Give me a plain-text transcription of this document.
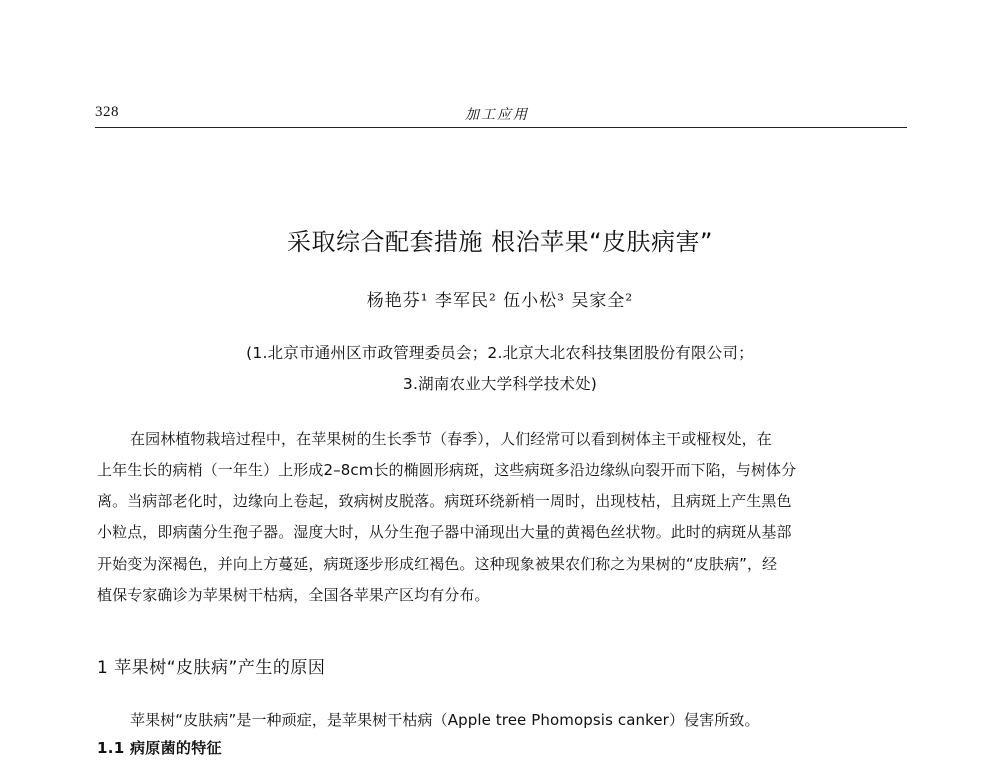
328	加工应用
采取综合配套措施 根治苹果“皮肤病害”
杨艳芬¹ 李军民² 伍小松³ 吴家全²
(1.北京市通州区市政管理委员会；2.北京大北农科技集团股份有限公司；
3.湖南农业大学科学技术处)
在园林植物栽培过程中，在苹果树的生长季节（春季），人们经常可以看到树体主干或桠杈处，在
上年生长的病梢（一年生）上形成2–8cm长的椭圆形病斑，这些病斑多沿边缘纵向裂开而下陷，与树体分
离。当病部老化时，边缘向上卷起，致病树皮脱落。病斑环绕新梢一周时，出现枝枯，且病斑上产生黑色
小粒点，即病菌分生孢子器。湿度大时，从分生孢子器中涌现出大量的黄褐色丝状物。此时的病斑从基部
开始变为深褐色，并向上方蔓延，病斑逐步形成红褐色。这种现象被果农们称之为果树的“皮肤病”，经
植保专家确诊为苹果树干枯病，全国各苹果产区均有分布。
1 苹果树“皮肤病”产生的原因
苹果树“皮肤病”是一种顽症，是苹果树干枯病（Apple tree Phomopsis canker）侵害所致。
1.1 病原菌的特征
